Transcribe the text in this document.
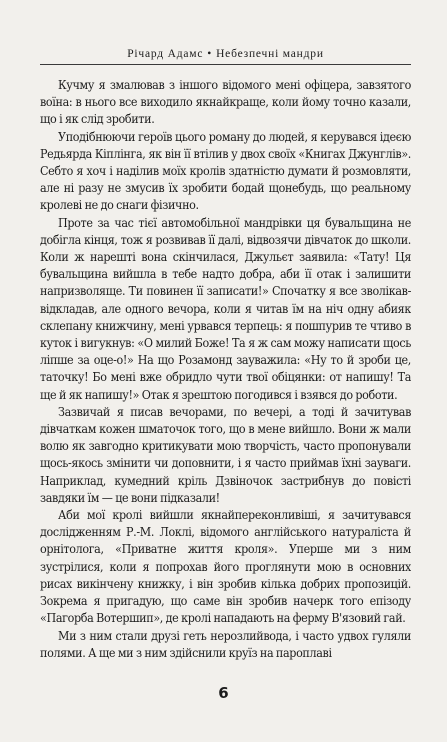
Річард Адамс • Небезпечні мандри

Кучму я змалював з іншого відомого мені офіцера, завзятого воїна: в нього все виходило якнайкраще, коли йому точно казали, що і як слід зробити.

Уподібнюючи героїв цього роману до людей, я керувався ідеєю Редьярда Кіплінга, як він її втілив у двох своїх «Книгах Джунглів». Себто я хоч і наділив моїх кролів здатністю думати й розмовляти, але ні разу не змусив їх зробити бодай щонебудь, що реальному кролеві не до снаги фізично.

Проте за час тієї автомобільної мандрівки ця бувальщина не добігла кінця, тож я розвивав її далі, відвозячи дівчаток до школи. Коли ж нарешті вона скінчилася, Джульєт заявила: «Тату! Ця бувальщина вийшла в тебе надто добра, аби її отак і залишити напризволяще. Ти повинен її записати!» Спочатку я все зволікав-відкладав, але одного вечора, коли я читав їм на ніч одну абияк склепану книжчину, мені урвався терпець: я пошпурив те чтиво в куток і вигукнув: «О милий Боже! Та я ж сам можу написати щось ліпше за оце-о!» На що Розамонд зауважила: «Ну то й зроби це, таточку! Бо мені вже обридло чути твої обіцянки: от напишу! Та ще й як напишу!» Отак я зрештою погодився і взявся до роботи.

Зазвичай я писав вечорами, по вечері, а тоді й зачитував дівчаткам кожен шматочок того, що в мене вийшло. Вони ж мали волю як завгодно критикувати мою творчість, часто пропонували щось-якось змінити чи доповнити, і я часто приймав їхні зауваги. Наприклад, кумедний кріль Дзвіночок застрибнув до повісті завдяки їм — це вони підказали!

Аби мої кролі вийшли якнайпереконливіші, я зачитувався дослідженням Р.-М. Локлі, відомого англійського натураліста й орнітолога, «Приватне життя кроля». Уперше ми з ним зустрілися, коли я попрохав його проглянути мою в основних рисах викінчену книжку, і він зробив кілька добрих пропозицій. Зокрема я пригадую, що саме він зробив начерк того епізоду «Пагорба Вотершип», де кролі нападають на ферму В'язовий гай.

Ми з ним стали друзі геть нерозлийвода, і часто удвох гуляли полями. А ще ми з ним здійснили круїз на пароплаві

6
